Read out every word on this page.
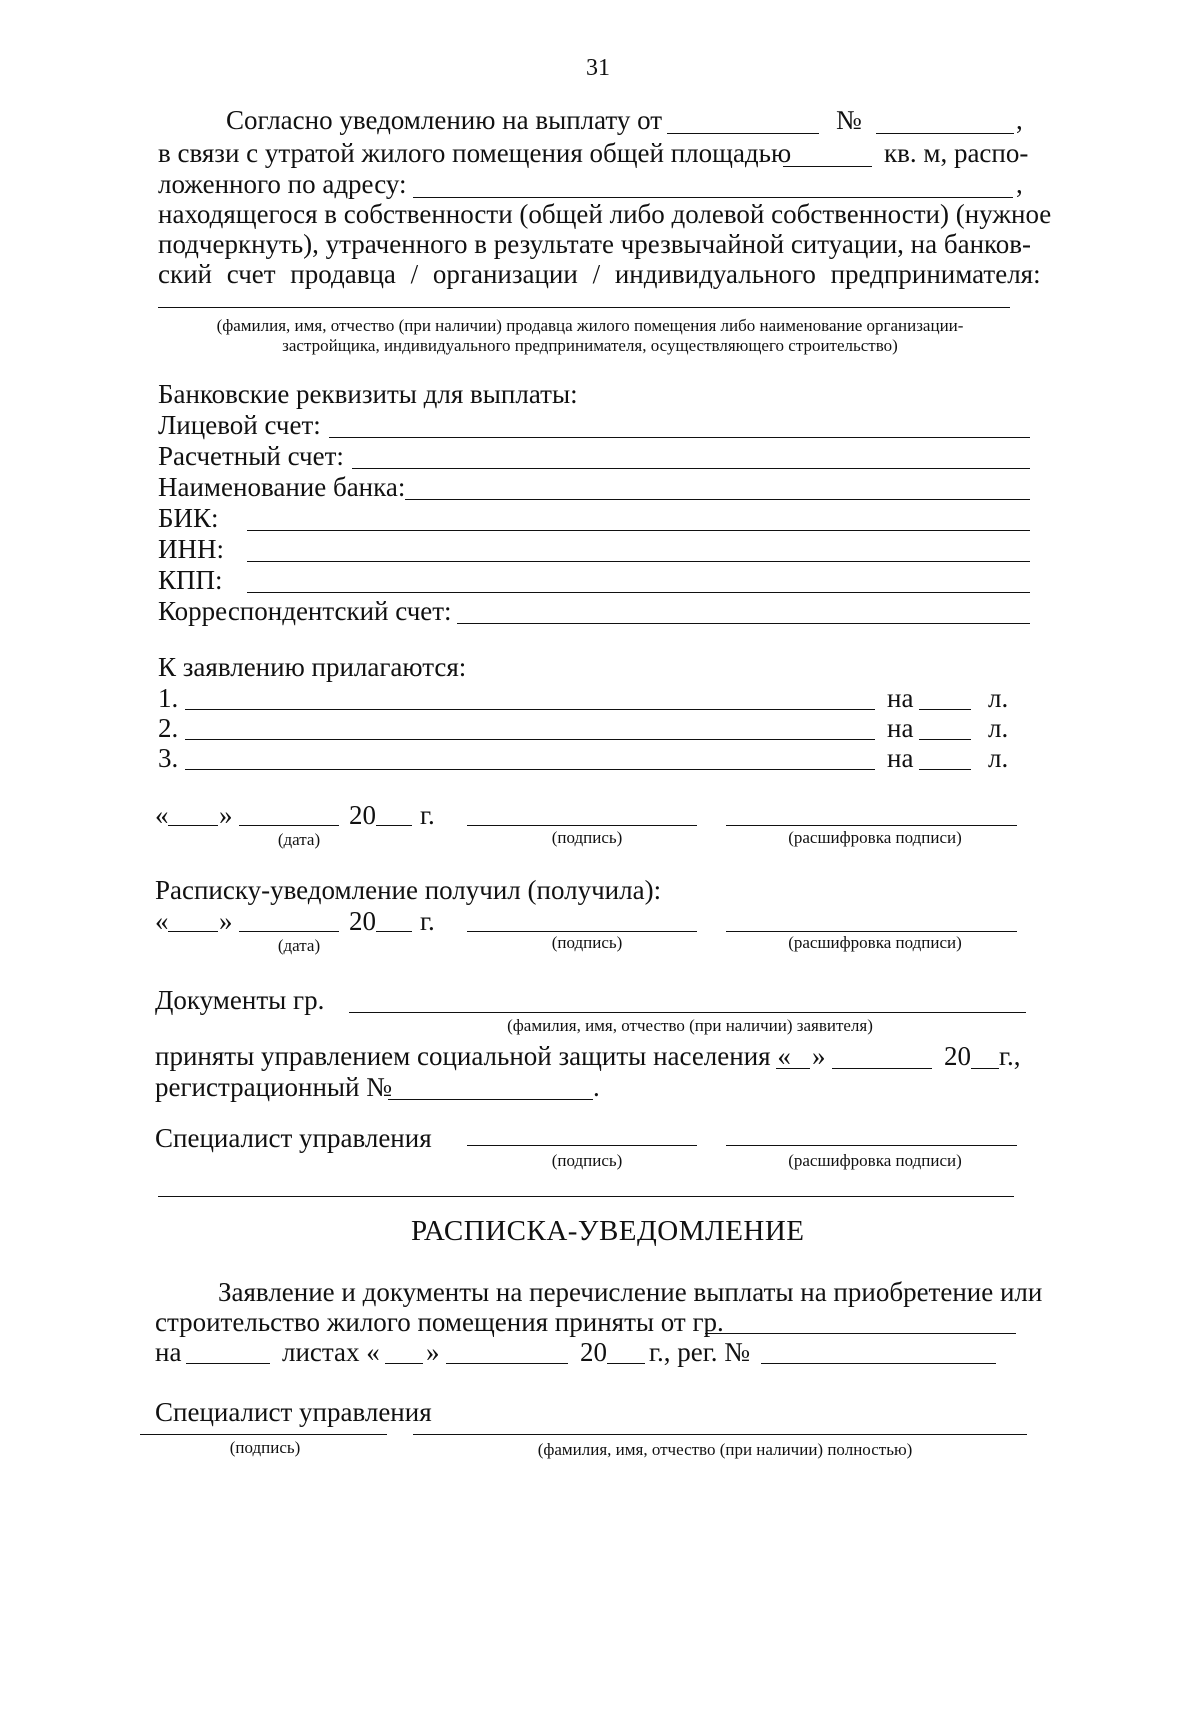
31
Согласно уведомлению на выплату от	№	,
в связи с утратой жилого помещения общей площадью	кв. м, распо-
ложенного по адресу:	,
находящегося в собственности (общей либо долевой собственности) (нужное
подчеркнуть), утраченного в результате чрезвычайной ситуации, на банков-
ский счет продавца / организации / индивидуального предпринимателя:
(фамилия, имя, отчество (при наличии) продавца жилого помещения либо наименование организации-
застройщика, индивидуального предпринимателя, осуществляющего строительство)
Банковские реквизиты для выплаты:
Лицевой счет:
Расчетный счет:
Наименование банка:
БИК:
ИНН:
КПП:
Корреспондентский счет:
К заявлению прилагаются:
1.	на	л.
2.	на	л.
3.	на	л.
« »	20 г.
(дата)	(подпись)	(расшифровка подписи)
Расписку-уведомление получил (получила):
« »	20 г.
(дата)	(подпись)	(расшифровка подписи)
Документы гр.
(фамилия, имя, отчество (при наличии) заявителя)
приняты управлением социальной защиты населения « »	20 г.,
регистрационный №	.
Специалист управления
(подпись)	(расшифровка подписи)
РАСПИСКА-УВЕДОМЛЕНИЕ
Заявление и документы на перечисление выплаты на приобретение или
строительство жилого помещения приняты от гр.
на	листах « »	20 г., рег. №
Специалист управления
(подпись)	(фамилия, имя, отчество (при наличии) полностью)
